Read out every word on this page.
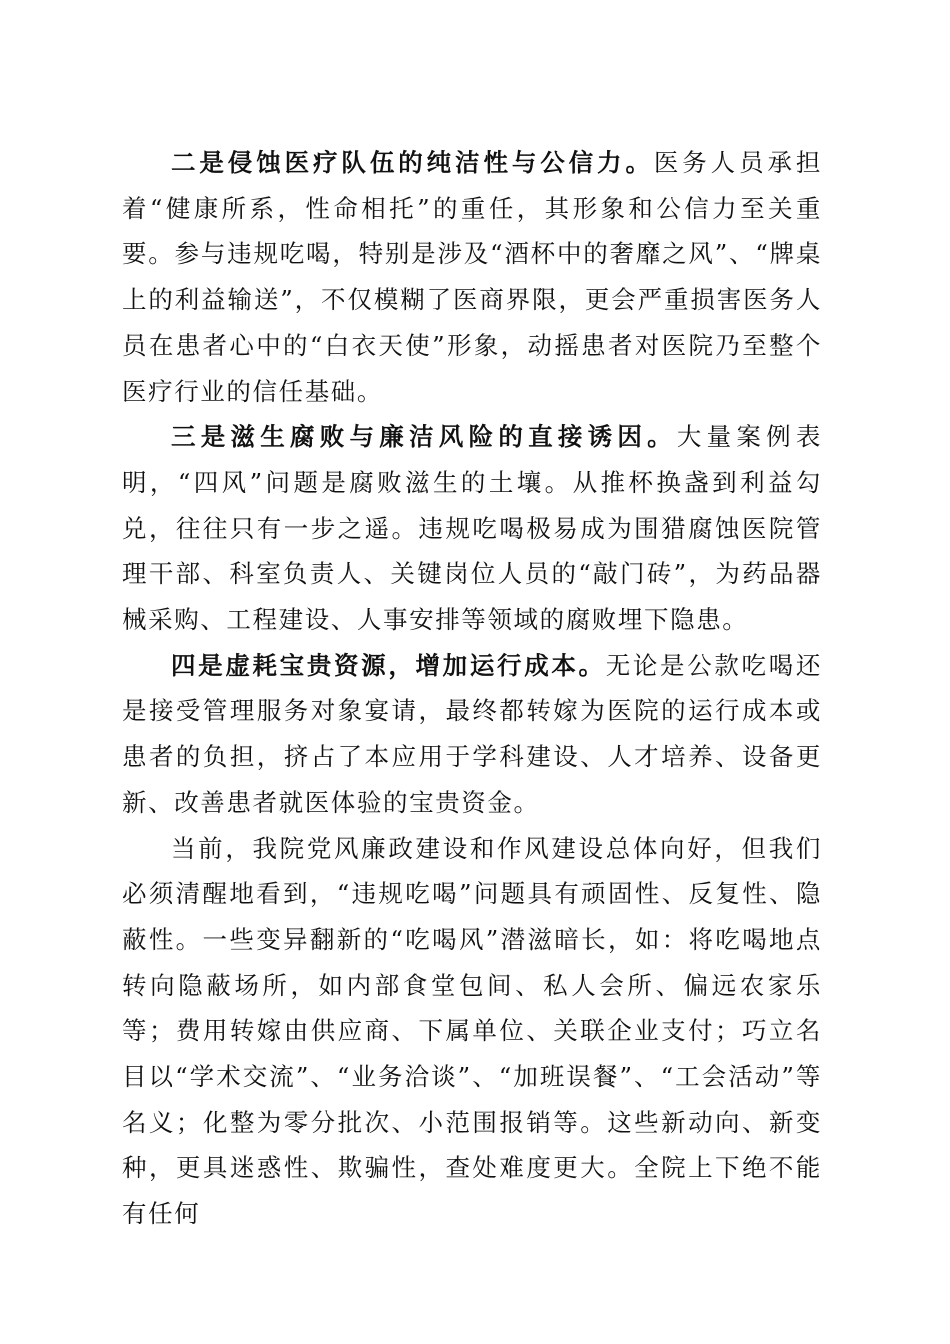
二是侵蚀医疗队伍的纯洁性与公信力。医务人员承担着“健康所系，性命相托”的重任，其形象和公信力至关重要。参与违规吃喝，特别是涉及“酒杯中的奢靡之风”、“牌桌上的利益输送”，不仅模糊了医商界限，更会严重损害医务人员在患者心中的“白衣天使”形象，动摇患者对医院乃至整个医疗行业的信任基础。

三是滋生腐败与廉洁风险的直接诱因。大量案例表明，“四风”问题是腐败滋生的土壤。从推杯换盏到利益勾兑，往往只有一步之遥。违规吃喝极易成为围猎腐蚀医院管理干部、科室负责人、关键岗位人员的“敲门砖”，为药品器械采购、工程建设、人事安排等领域的腐败埋下隐患。

四是虚耗宝贵资源，增加运行成本。无论是公款吃喝还是接受管理服务对象宴请，最终都转嫁为医院的运行成本或患者的负担，挤占了本应用于学科建设、人才培养、设备更新、改善患者就医体验的宝贵资金。

当前，我院党风廉政建设和作风建设总体向好，但我们必须清醒地看到，“违规吃喝”问题具有顽固性、反复性、隐蔽性。一些变异翻新的“吃喝风”潜滋暗长，如：将吃喝地点转向隐蔽场所，如内部食堂包间、私人会所、偏远农家乐等；费用转嫁由供应商、下属单位、关联企业支付；巧立名目以“学术交流”、“业务洽谈”、“加班误餐”、“工会活动”等名义；化整为零分批次、小范围报销等。这些新动向、新变种，更具迷惑性、欺骗性，查处难度更大。全院上下绝不能有任何
